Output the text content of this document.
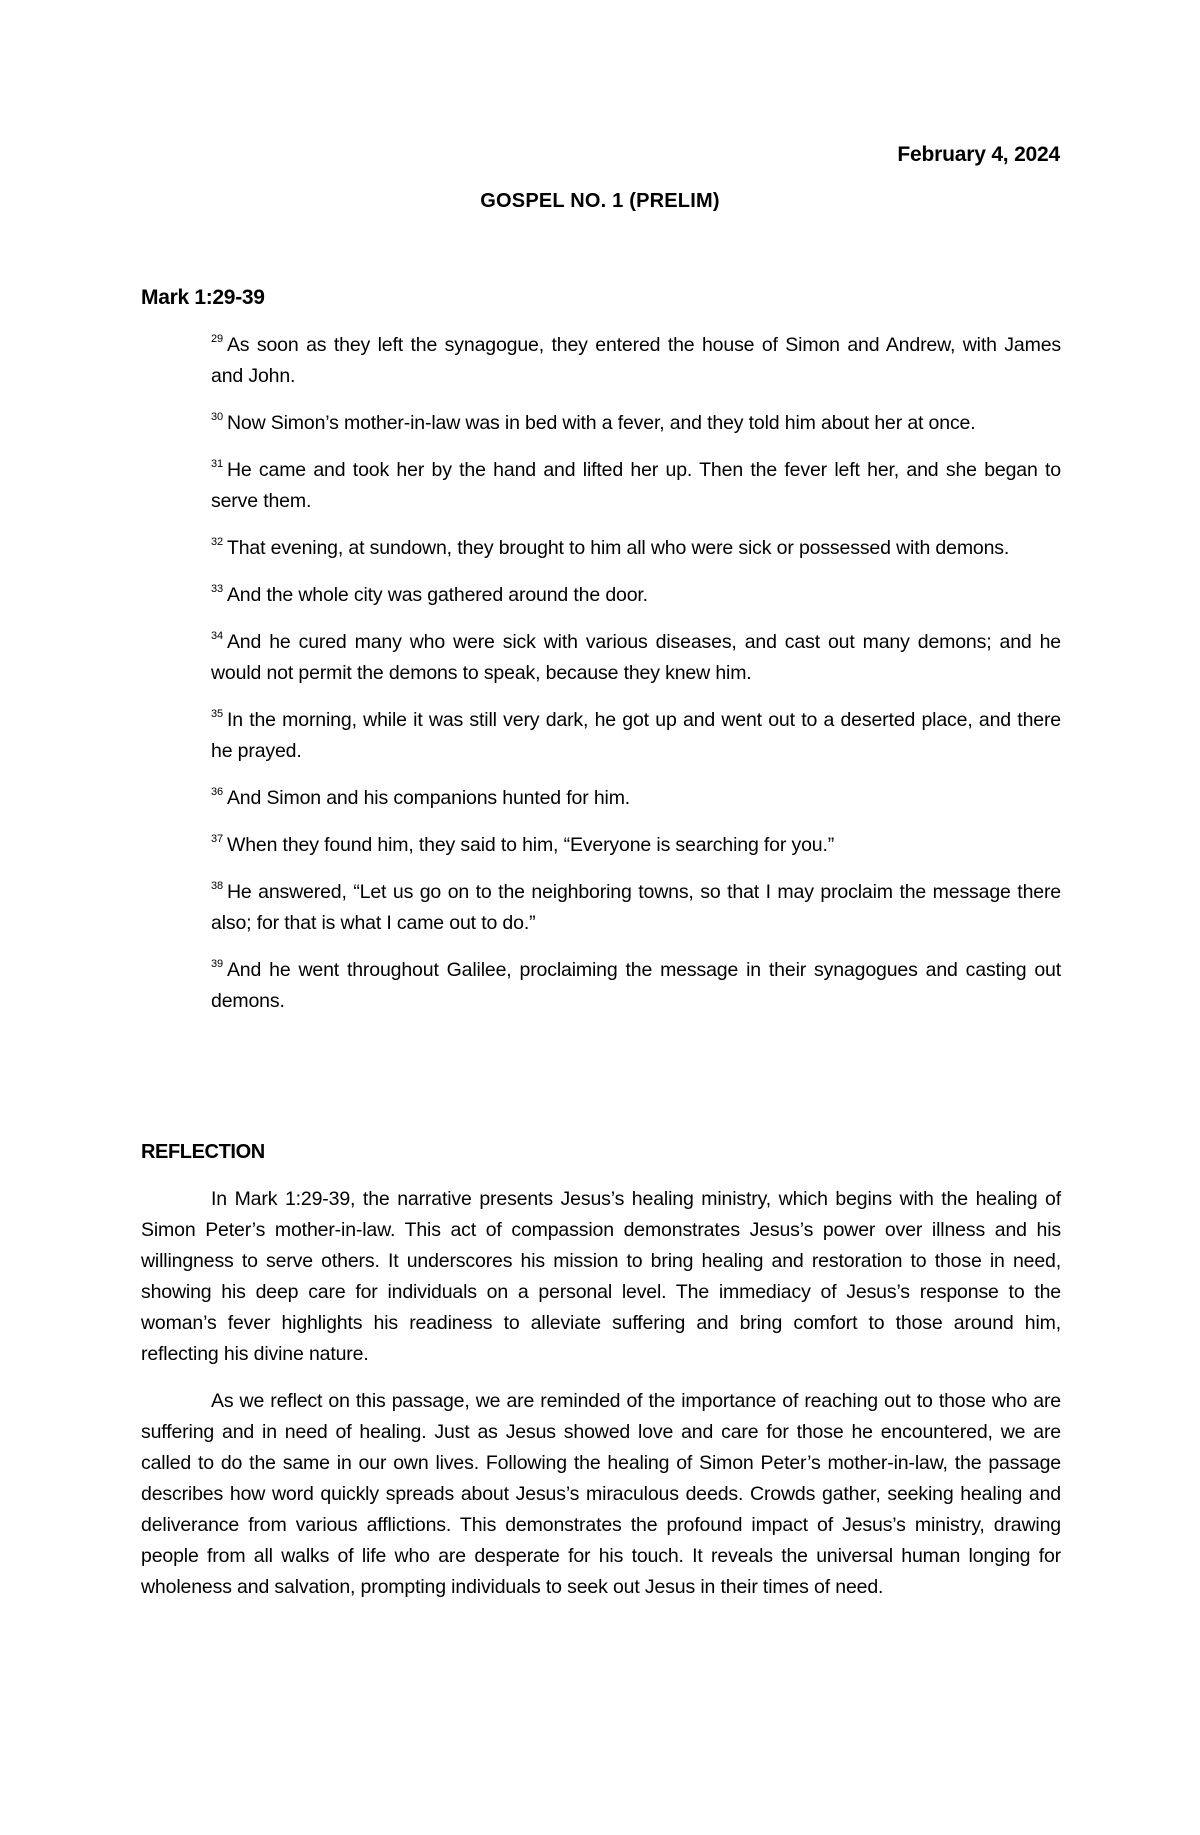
February 4, 2024
GOSPEL NO. 1 (PRELIM)
Mark 1:29-39

$^{29}$ As soon as they left the synagogue, they entered the house of Simon and Andrew, with James and John.

$^{30}$ Now Simon’s mother-in-law was in bed with a fever, and they told him about her at once.

$^{31}$ He came and took her by the hand and lifted her up. Then the fever left her, and she began to serve them.

$^{32}$ That evening, at sundown, they brought to him all who were sick or possessed with demons.

$^{33}$ And the whole city was gathered around the door.

$^{34}$ And he cured many who were sick with various diseases, and cast out many demons; and he would not permit the demons to speak, because they knew him.

$^{35}$ In the morning, while it was still very dark, he got up and went out to a deserted place, and there he prayed.

$^{36}$ And Simon and his companions hunted for him.

$^{37}$ When they found him, they said to him, “Everyone is searching for you.”

$^{38}$ He answered, “Let us go on to the neighboring towns, so that I may proclaim the message there also; for that is what I came out to do.”

$^{39}$ And he went throughout Galilee, proclaiming the message in their synagogues and casting out demons.

REFLECTION

In Mark 1:29-39, the narrative presents Jesus’s healing ministry, which begins with the healing of Simon Peter’s mother-in-law. This act of compassion demonstrates Jesus’s power over illness and his willingness to serve others. It underscores his mission to bring healing and restoration to those in need, showing his deep care for individuals on a personal level. The immediacy of Jesus’s response to the woman’s fever highlights his readiness to alleviate suffering and bring comfort to those around him, reflecting his divine nature.

As we reflect on this passage, we are reminded of the importance of reaching out to those who are suffering and in need of healing. Just as Jesus showed love and care for those he encountered, we are called to do the same in our own lives. Following the healing of Simon Peter’s mother-in-law, the passage describes how word quickly spreads about Jesus’s miraculous deeds. Crowds gather, seeking healing and deliverance from various afflictions. This demonstrates the profound impact of Jesus’s ministry, drawing people from all walks of life who are desperate for his touch. It reveals the universal human longing for wholeness and salvation, prompting individuals to seek out Jesus in their times of need.
